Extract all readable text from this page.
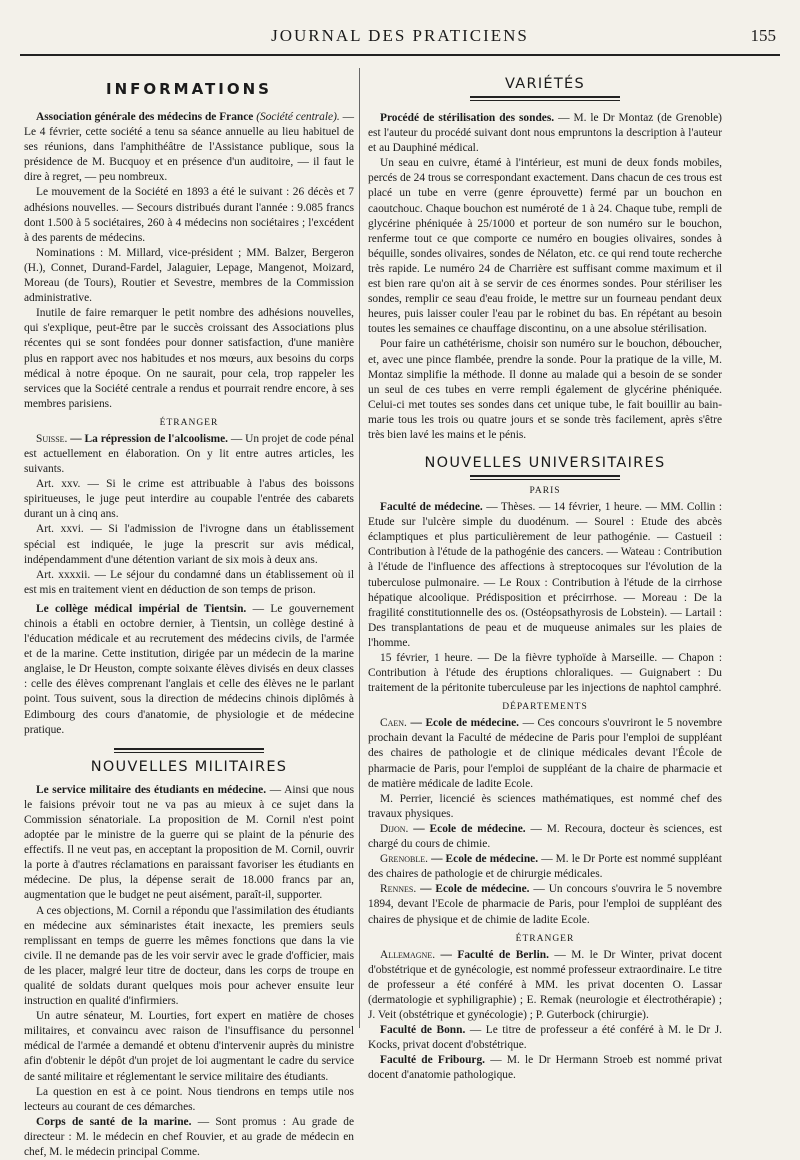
JOURNAL DES PRATICIENS	155
INFORMATIONS

Association générale des médecins de France (Société centrale). — Le 4 février, cette société a tenu sa séance annuelle au lieu habituel de ses réunions, dans l'amphithéâtre de l'Assistance publique, sous la présidence de M. Bucquoy et en présence d'un auditoire, — il faut le dire à regret, — peu nombreux.

Le mouvement de la Société en 1893 a été le suivant : 26 décès et 7 adhésions nouvelles. — Secours distribués durant l'année : 9.085 francs dont 1.500 à 5 sociétaires, 260 à 4 médecins non sociétaires ; l'excédent à des parents de médecins.

Nominations : M. Millard, vice-président ; MM. Balzer, Bergeron (H.), Connet, Durand-Fardel, Jalaguier, Lepage, Mangenot, Moizard, Moreau (de Tours), Routier et Sevestre, membres de la Commission administrative.

Inutile de faire remarquer le petit nombre des adhésions nouvelles, qui s'explique, peut-être par le succès croissant des Associations plus récentes qui se sont fondées pour donner satisfaction, d'une manière plus en rapport avec nos habitudes et nos mœurs, aux besoins du corps médical à notre époque. On ne saurait, pour cela, trop rappeler les services que la Société centrale a rendus et pourrait rendre encore, à ses membres parisiens.

ÉTRANGER

Suisse. — La répression de l'alcoolisme. — Un projet de code pénal est actuellement en élaboration. On y lit entre autres articles, les suivants.

Art. xxv. — Si le crime est attribuable à l'abus des boissons spiritueuses, le juge peut interdire au coupable l'entrée des cabarets durant un à cinq ans.

Art. xxvi. — Si l'admission de l'ivrogne dans un établissement spécial est indiquée, le juge la prescrit sur avis médical, indépendamment d'une détention variant de six mois à deux ans.

Art. xxxxii. — Le séjour du condamné dans un établissement où il est mis en traitement vient en déduction de son temps de prison.

Le collège médical impérial de Tientsin. — Le gouvernement chinois a établi en octobre dernier, à Tientsin, un collège destiné à l'éducation médicale et au recrutement des médecins civils, de l'armée et de la marine. Cette institution, dirigée par un médecin de la marine anglaise, le Dr Heuston, compte soixante élèves divisés en deux classes : celle des élèves comprenant l'anglais et celle des élèves ne le parlant point. Tous suivent, sous la direction de médecins chinois diplômés à Edimbourg des cours d'anatomie, de physiologie et de médecine pratique.

NOUVELLES MILITAIRES

Le service militaire des étudiants en médecine. — Ainsi que nous le faisions prévoir tout ne va pas au mieux à ce sujet dans la Commission sénatoriale. La proposition de M. Cornil n'est point adoptée par le ministre de la guerre qui se plaint de la pénurie des effectifs. Il ne veut pas, en acceptant la proposition de M. Cornil, ouvrir la porte à d'autres réclamations en paraissant favoriser les étudiants en médecine. De plus, la dépense serait de 18.000 francs par an, augmentation que le budget ne peut aisément, paraît-il, supporter.

A ces objections, M. Cornil a répondu que l'assimilation des étudiants en médecine aux séminaristes était inexacte, les premiers seuls remplissant en temps de guerre les mêmes fonctions que dans la vie civile. Il ne demande pas de les voir servir avec le grade d'officier, mais de les placer, malgré leur titre de docteur, dans les corps de troupe en qualité de soldats durant quelques mois pour achever ensuite leur instruction en qualité d'infirmiers.

Un autre sénateur, M. Lourties, fort expert en matière de choses militaires, et convaincu avec raison de l'insuffisance du personnel médical de l'armée a demandé et obtenu d'intervenir auprès du ministre afin d'obtenir le dépôt d'un projet de loi augmentant le cadre du service de santé militaire et réglementant le service militaire des étudiants.

La question en est à ce point. Nous tiendrons en temps utile nos lecteurs au courant de ces démarches.

Corps de santé de la marine. — Sont promus : Au grade de directeur : M. le médecin en chef Rouvier, et au grade de médecin en chef, M. le médecin principal Comme.

VARIÉTÉS

Procédé de stérilisation des sondes. — M. le Dr Montaz (de Grenoble) est l'auteur du procédé suivant dont nous empruntons la description à l'auteur et au Dauphiné médical.

Un seau en cuivre, étamé à l'intérieur, est muni de deux fonds mobiles, percés de 24 trous se correspondant exactement. Dans chacun de ces trous est placé un tube en verre (genre éprouvette) fermé par un bouchon en caoutchouc. Chaque bouchon est numéroté de 1 à 24. Chaque tube, rempli de glycérine phéniquée à 25/1000 et porteur de son numéro sur le bouchon, renferme tout ce que comporte ce numéro en bougies olivaires, sondes à béquille, sondes olivaires, sondes de Nélaton, etc. ce qui rend toute recherche très rapide. Le numéro 24 de Charrière est suffisant comme maximum et il est bien rare qu'on ait à se servir de ces énormes sondes. Pour stériliser les sondes, remplir ce seau d'eau froide, le mettre sur un fourneau pendant deux heures, puis laisser couler l'eau par le robinet du bas. En répétant au besoin toutes les semaines ce chauffage discontinu, on a une absolue stérilisation.

Pour faire un cathétérisme, choisir son numéro sur le bouchon, déboucher, et, avec une pince flambée, prendre la sonde. Pour la pratique de la ville, M. Montaz simplifie la méthode. Il donne au malade qui a besoin de se sonder un seul de ces tubes en verre rempli également de glycérine phéniquée. Celui-ci met toutes ses sondes dans cet unique tube, le fait bouillir au bain-marie tous les trois ou quatre jours et se sonde très facilement, après s'être très bien lavé les mains et le pénis.

NOUVELLES UNIVERSITAIRES
PARIS

Faculté de médecine. — Thèses. — 14 février, 1 heure. — MM. Collin : Etude sur l'ulcère simple du duodénum. — Sourel : Etude des abcès éclamptiques et plus particulièrement de leur pathogénie. — Castueil : Contribution à l'étude de la pathogénie des cancers. — Wateau : Contribution à l'étude de l'influence des affections à streptocoques sur l'évolution de la tuberculose pulmonaire. — Le Roux : Contribution à l'étude de la cirrhose hépatique alcoolique. Prédisposition et précirrhose. — Moreau : De la fragilité constitutionnelle des os. (Ostéopsathyrosis de Lobstein). — Lartail : Des transplantations de peau et de muqueuse animales sur les plaies de l'homme.

15 février, 1 heure. — De la fièvre typhoïde à Marseille. — Chapon : Contribution à l'étude des éruptions chloraliques. — Guignabert : Du traitement de la péritonite tuberculeuse par les injections de naphtol camphré.

DÉPARTEMENTS

Caen. — Ecole de médecine. — Ces concours s'ouvriront le 5 novembre prochain devant la Faculté de médecine de Paris pour l'emploi de suppléant des chaires de pathologie et de clinique médicales devant l'École de pharmacie de Paris, pour l'emploi de suppléant de la chaire de pharmacie et de matière médicale de ladite Ecole.

M. Perrier, licencié ès sciences mathématiques, est nommé chef des travaux physiques.

Dijon. — Ecole de médecine. — M. Recoura, docteur ès sciences, est chargé du cours de chimie.

Grenoble. — Ecole de médecine. — M. le Dr Porte est nommé suppléant des chaires de pathologie et de chirurgie médicales.

Rennes. — Ecole de médecine. — Un concours s'ouvrira le 5 novembre 1894, devant l'Ecole de pharmacie de Paris, pour l'emploi de suppléant des chaires de physique et de chimie de ladite Ecole.

ÉTRANGER

Allemagne. — Faculté de Berlin. — M. le Dr Winter, privat docent d'obstétrique et de gynécologie, est nommé professeur extraordinaire. Le titre de professeur a été conféré à MM. les privat docenten O. Lassar (dermatologie et syphiligraphie) ; E. Remak (neurologie et électrothérapie) ; J. Veit (obstétrique et gynécologie) ; P. Guterbock (chirurgie).

Faculté de Bonn. — Le titre de professeur a été conféré à M. le Dr J. Kocks, privat docent d'obstétrique.

Faculté de Fribourg. — M. le Dr Hermann Stroeb est nommé privat docent d'anatomie pathologique.
